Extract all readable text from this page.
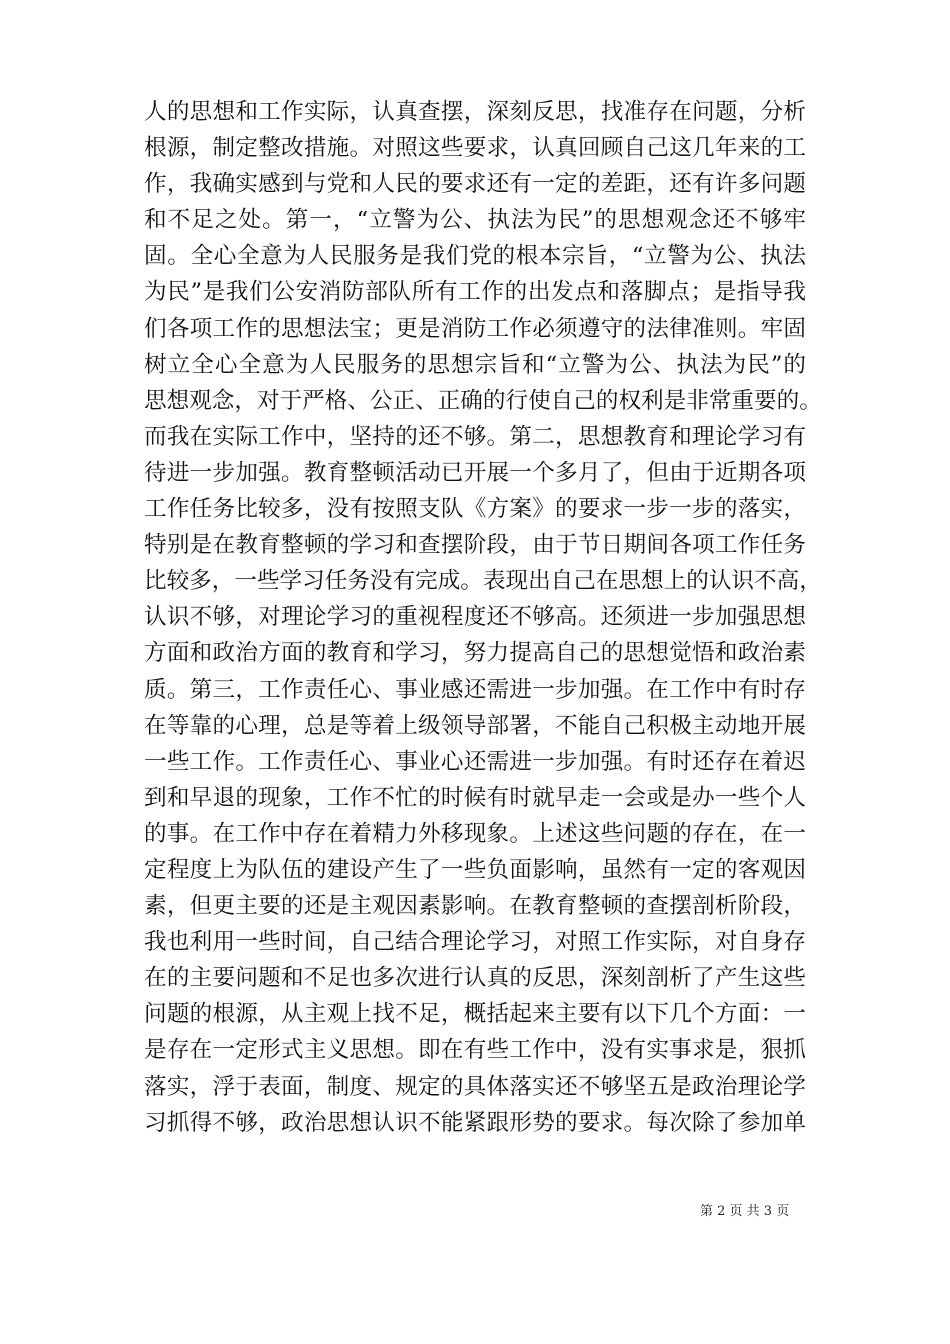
人的思想和工作实际，认真查摆，深刻反思，找准存在问题，分析
根源，制定整改措施。对照这些要求，认真回顾自己这几年来的工
作，我确实感到与党和人民的要求还有一定的差距，还有许多问题
和不足之处。第一，“立警为公、执法为民”的思想观念还不够牢
固。全心全意为人民服务是我们党的根本宗旨，“立警为公、执法
为民”是我们公安消防部队所有工作的出发点和落脚点；是指导我
们各项工作的思想法宝；更是消防工作必须遵守的法律准则。牢固
树立全心全意为人民服务的思想宗旨和“立警为公、执法为民”的
思想观念，对于严格、公正、正确的行使自己的权利是非常重要的。
而我在实际工作中，坚持的还不够。第二，思想教育和理论学习有
待进一步加强。教育整顿活动已开展一个多月了，但由于近期各项
工作任务比较多，没有按照支队《方案》的要求一步一步的落实，
特别是在教育整顿的学习和查摆阶段，由于节日期间各项工作任务
比较多，一些学习任务没有完成。表现出自己在思想上的认识不高，
认识不够，对理论学习的重视程度还不够高。还须进一步加强思想
方面和政治方面的教育和学习，努力提高自己的思想觉悟和政治素
质。第三，工作责任心、事业感还需进一步加强。在工作中有时存
在等靠的心理，总是等着上级领导部署，不能自己积极主动地开展
一些工作。工作责任心、事业心还需进一步加强。有时还存在着迟
到和早退的现象，工作不忙的时候有时就早走一会或是办一些个人
的事。在工作中存在着精力外移现象。上述这些问题的存在，在一
定程度上为队伍的建设产生了一些负面影响，虽然有一定的客观因
素，但更主要的还是主观因素影响。在教育整顿的查摆剖析阶段，
我也利用一些时间，自己结合理论学习，对照工作实际，对自身存
在的主要问题和不足也多次进行认真的反思，深刻剖析了产生这些
问题的根源，从主观上找不足，概括起来主要有以下几个方面：一
是存在一定形式主义思想。即在有些工作中，没有实事求是，狠抓
落实，浮于表面，制度、规定的具体落实还不够坚五是政治理论学
习抓得不够，政治思想认识不能紧跟形势的要求。每次除了参加单
第 2 页 共 3 页
